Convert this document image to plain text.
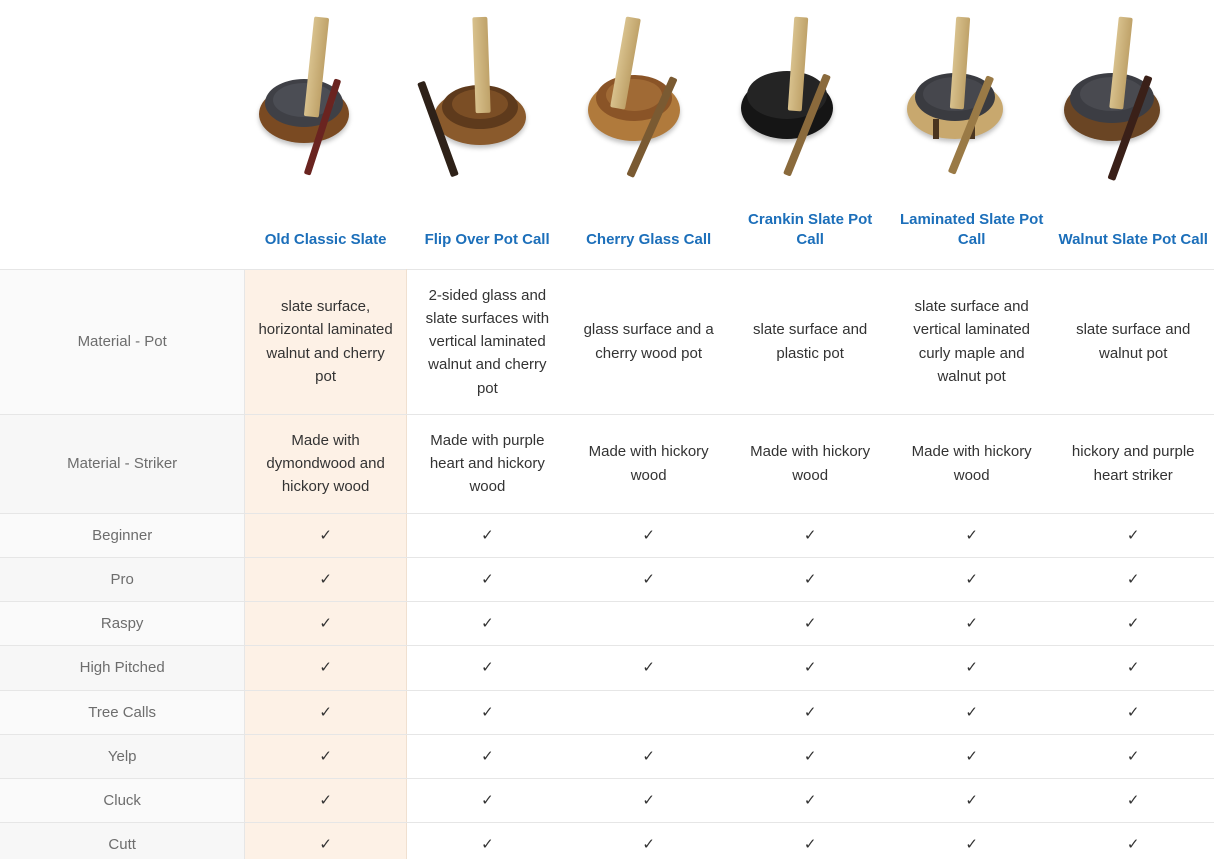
	Old Classic Slate	Flip Over Pot Call	Cherry Glass Call	Crankin Slate Pot Call	Laminated Slate Pot Call	Walnut Slate Pot Call
Material - Pot	slate surface, horizontal laminated walnut and cherry pot	2-sided glass and slate surfaces with vertical laminated walnut and cherry pot	glass surface and a cherry wood pot	slate surface and plastic pot	slate surface and vertical laminated curly maple and walnut pot	slate surface and walnut pot
Material - Striker	Made with dymondwood and hickory wood	Made with purple heart and hickory wood	Made with hickory wood	Made with hickory wood	Made with hickory wood	hickory and purple heart striker
Beginner	✓	✓	✓	✓	✓	✓
Pro	✓	✓	✓	✓	✓	✓
Raspy	✓	✓		✓	✓	✓
High Pitched	✓	✓	✓	✓	✓	✓
Tree Calls	✓	✓		✓	✓	✓
Yelp	✓	✓	✓	✓	✓	✓
Cluck	✓	✓	✓	✓	✓	✓
Cutt	✓	✓	✓	✓	✓	✓
